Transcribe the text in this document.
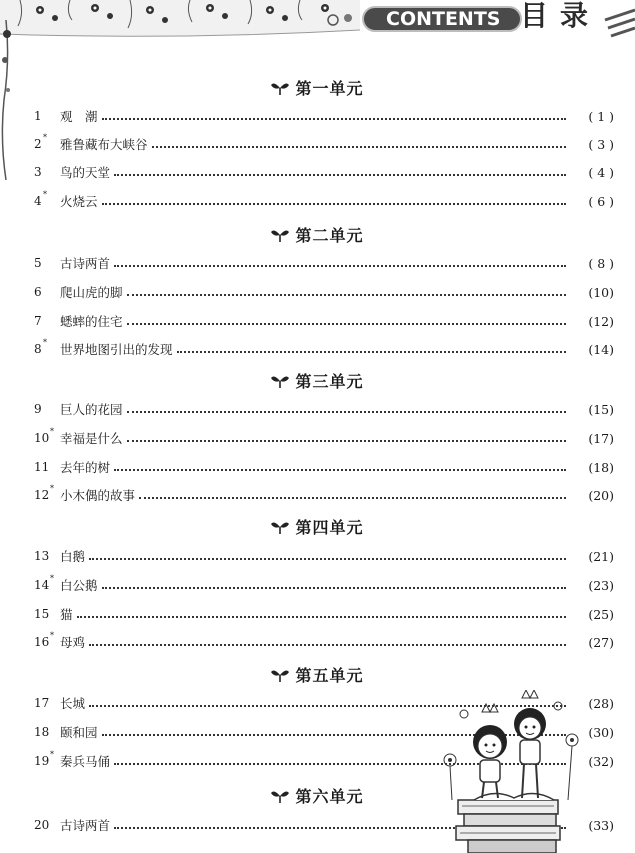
CONTENTS 目录
第一单元
1	观　潮	( 1 )
2 * 雅鲁藏布大峡谷	( 3 )
3	鸟的天堂	( 4 )
4 * 火烧云	( 6 )
第二单元
5	古诗两首	( 8 )
6	爬山虎的脚	(10)
7	蟋蟀的住宅	(12)
8 * 世界地图引出的发现	(14)
第三单元
9	巨人的花园	(15)
10 * 幸福是什么	(17)
11 去年的树	(18)
12 * 小木偶的故事	(20)
第四单元
13 白鹅	(21)
14 * 白公鹅	(23)
15 猫	(25)
16 * 母鸡	(27)
第五单元
17 长城	(28)
18 颐和园	(30)
19 * 秦兵马俑	(32)
第六单元
20 古诗两首	(33)
